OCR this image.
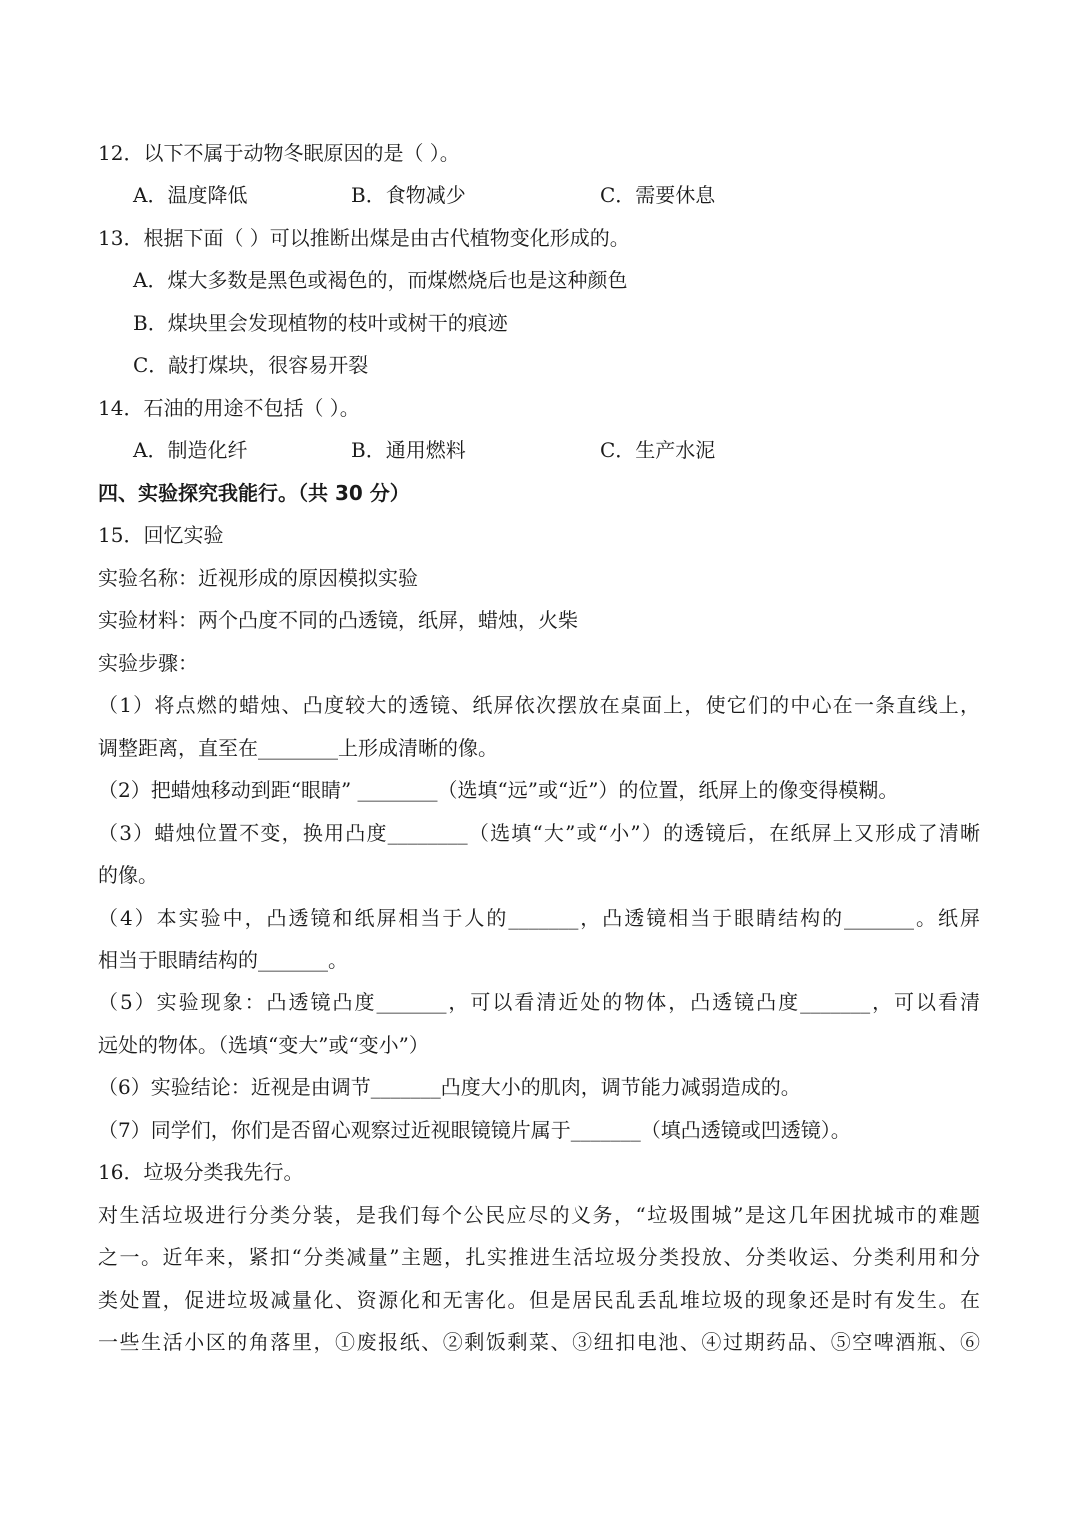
12．以下不属于动物冬眠原因的是（ ）。
A．温度降低	B．食物减少	C．需要休息
13．根据下面（ ）可以推断出煤是由古代植物变化形成的。
A．煤大多数是黑色或褐色的，而煤燃烧后也是这种颜色
B．煤块里会发现植物的枝叶或树干的痕迹
C．敲打煤块，很容易开裂
14．石油的用途不包括（ ）。
A．制造化纤	B．通用燃料	C．生产水泥
四、实验探究我能行。（共 30 分）
15．回忆实验
实验名称：近视形成的原因模拟实验
实验材料：两个凸度不同的凸透镜，纸屏，蜡烛，火柴
实验步骤：
（1）将点燃的蜡烛、凸度较大的透镜、纸屏依次摆放在桌面上，使它们的中心在一条直线上，
调整距离，直至在________上形成清晰的像。
（2）把蜡烛移动到距“眼睛” ________（选填“远”或“近”）的位置，纸屏上的像变得模糊。
（3）蜡烛位置不变，换用凸度________（选填“大”或“小”）的透镜后，在纸屏上又形成了清晰
的像。
（4）本实验中，凸透镜和纸屏相当于人的_______，凸透镜相当于眼睛结构的_______。纸屏
相当于眼睛结构的_______。
（5）实验现象：凸透镜凸度_______，可以看清近处的物体，凸透镜凸度_______，可以看清
远处的物体。（选填“变大”或“变小”）
（6）实验结论：近视是由调节_______凸度大小的肌肉，调节能力减弱造成的。
（7）同学们，你们是否留心观察过近视眼镜镜片属于_______（填凸透镜或凹透镜）。
16．垃圾分类我先行。
对生活垃圾进行分类分装，是我们每个公民应尽的义务，“垃圾围城”是这几年困扰城市的难题
之一。近年来，紧扣“分类减量”主题，扎实推进生活垃圾分类投放、分类收运、分类利用和分
类处置，促进垃圾减量化、资源化和无害化。但是居民乱丢乱堆垃圾的现象还是时有发生。在
一些生活小区的角落里，①废报纸、②剩饭剩菜、③纽扣电池、④过期药品、⑤空啤酒瓶、⑥
